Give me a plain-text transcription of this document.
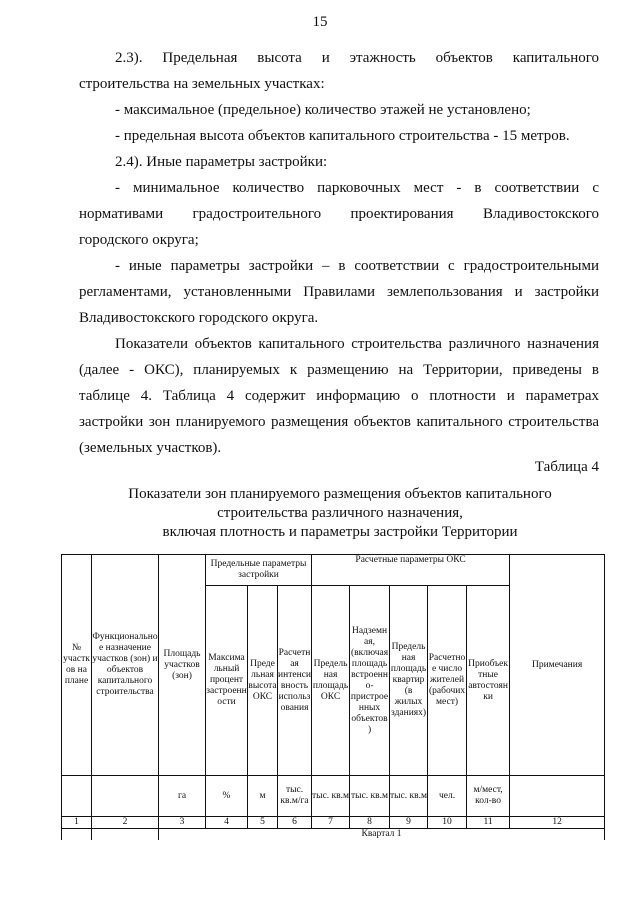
15

2.3). Предельная высота и этажность объектов капитального

строительства на земельных участках:

- максимальное (предельное) количество этажей не установлено;

- предельная высота объектов капитального строительства - 15 метров.

2.4). Иные параметры застройки:

- минимальное количество парковочных мест - в соответствии с

нормативами градостроительного проектирования Владивостокского

городского округа;

- иные параметры застройки – в соответствии с градостроительными

регламентами, установленными Правилами землепользования и застройки

Владивостокского городского округа.

Показатели объектов капитального строительства различного назначения

(далее - ОКС), планируемых к размещению на Территории, приведены в

таблице 4. Таблица 4 содержит информацию о плотности и параметрах

застройки зон планируемого размещения объектов капитального строительства

(земельных участков).

Таблица 4
Показатели зон планируемого размещения объектов капитального
строительства различного назначения,
включая плотность и параметры застройки Территории
№ участков на плане	Функциональное назначение участков (зон) и объектов капитального строительства	Площадь участков (зон)	Предельные параметры застройки			Расчетные параметры ОКС					Примечания
			Максимальный процент застроенности	Предельная высота ОКС	Расчетная интенсивность использования	Предельная площадь ОКС	Надземная, (включая площадь встроенно-пристроенных объектов)	Предельная площадь квартир (в жилых зданиях)	Расчетное число жителей (рабочих мест)	Приобъектные автостоянки	
		га	%	м	тыс. кв.м/га	тыс. кв.м	тыс. кв.м	тыс. кв.м	чел.	м/мест, кол-во	
1	2	3	4	5	6	7	8	9	10	11	12
		Квартал 1									
